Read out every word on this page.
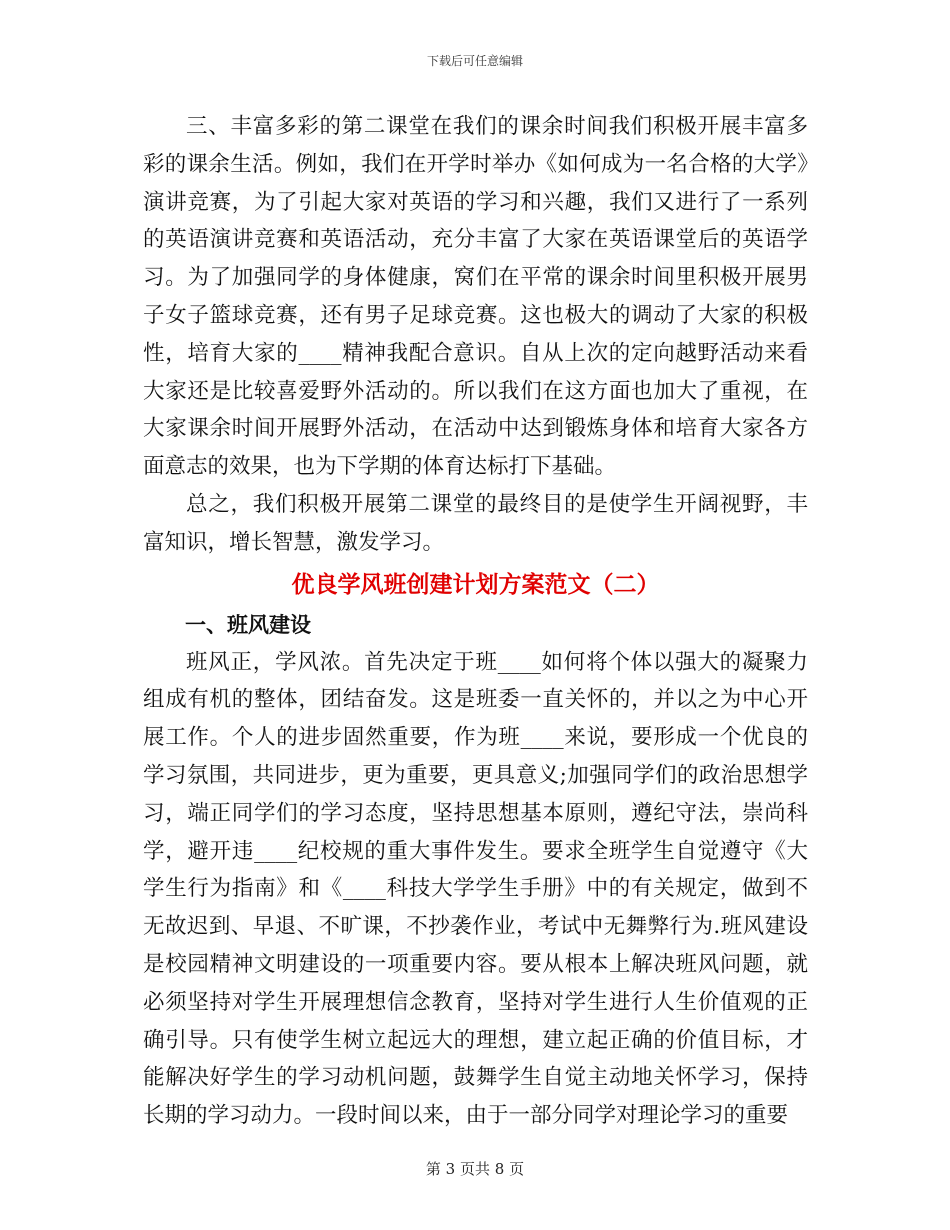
下载后可任意编辑

三、丰富多彩的第二课堂在我们的课余时间我们积极开展丰富多彩的课余生活。例如，我们在开学时举办《如何成为一名合格的大学》演讲竞赛，为了引起大家对英语的学习和兴趣，我们又进行了一系列的英语演讲竞赛和英语活动，充分丰富了大家在英语课堂后的英语学习。为了加强同学的身体健康，窝们在平常的课余时间里积极开展男子女子篮球竞赛，还有男子足球竞赛。这也极大的调动了大家的积极性，培育大家的____精神我配合意识。自从上次的定向越野活动来看大家还是比较喜爱野外活动的。所以我们在这方面也加大了重视，在大家课余时间开展野外活动，在活动中达到锻炼身体和培育大家各方面意志的效果，也为下学期的体育达标打下基础。

总之，我们积极开展第二课堂的最终目的是使学生开阔视野，丰富知识，增长智慧，激发学习。

优良学风班创建计划方案范文（二）
一、班风建设

班风正，学风浓。首先决定于班____如何将个体以强大的凝聚力组成有机的整体，团结奋发。这是班委一直关怀的，并以之为中心开展工作。个人的进步固然重要，作为班____来说，要形成一个优良的学习氛围，共同进步，更为重要，更具意义;加强同学们的政治思想学习，端正同学们的学习态度，坚持思想基本原则，遵纪守法，崇尚科学，避开违____纪校规的重大事件发生。要求全班学生自觉遵守《大学生行为指南》和《____科技大学学生手册》中的有关规定，做到不无故迟到、早退、不旷课，不抄袭作业，考试中无舞弊行为.班风建设是校园精神文明建设的一项重要内容。要从根本上解决班风问题，就必须坚持对学生开展理想信念教育，坚持对学生进行人生价值观的正确引导。只有使学生树立起远大的理想，建立起正确的价值目标，才能解决好学生的学习动机问题，鼓舞学生自觉主动地关怀学习，保持长期的学习动力。一段时间以来，由于一部分同学对理论学习的重要

第 3 页共 8 页
